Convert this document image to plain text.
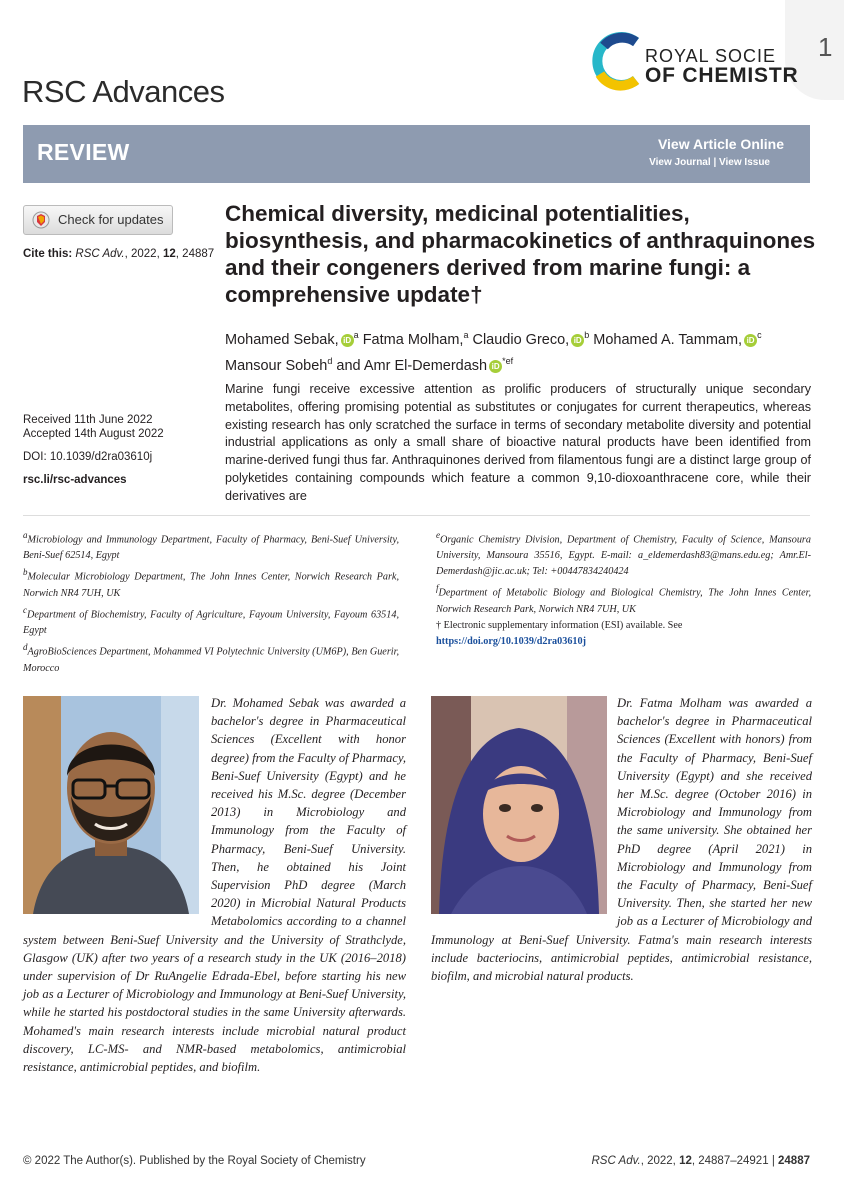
1
RSC Advances
ROYAL SOCIE
OF CHEMISTR
REVIEW	View Article Online
View Journal | View Issue
Check for updates
Cite this: RSC Adv., 2022, 12, 24887
Chemical diversity, medicinal potentialities, biosynthesis, and pharmacokinetics of anthraquinones and their congeners derived from marine fungi: a comprehensive update†
Mohamed Sebak, $iD^a$ Fatma Molham,$^a$ Claudio Greco, $iD^b$ Mohamed A. Tammam, $iD^c$
Mansour Sobeh$^d$ and Amr El-Demerdash $iD^{*ef}$
Received 11th June 2022
Accepted 14th August 2022
DOI: 10.1039/d2ra03610j
rsc.li/rsc-advances
Marine fungi receive excessive attention as prolific producers of structurally unique secondary metabolites, offering promising potential as substitutes or conjugates for current therapeutics, whereas existing research has only scratched the surface in terms of secondary metabolite diversity and potential industrial applications as only a small share of bioactive natural products have been identified from marine-derived fungi thus far. Anthraquinones derived from filamentous fungi are a distinct large group of polyketides containing compounds which feature a common 9,10-dioxoanthracene core, while their derivatives are
$^a$Microbiology and Immunology Department, Faculty of Pharmacy, Beni-Suef University, Beni-Suef 62514, Egypt
$^b$Molecular Microbiology Department, The John Innes Center, Norwich Research Park, Norwich NR4 7UH, UK
$^c$Department of Biochemistry, Faculty of Agriculture, Fayoum University, Fayoum 63514, Egypt
$^d$AgroBioSciences Department, Mohammed VI Polytechnic University (UM6P), Ben Guerir, Morocco
$^e$Organic Chemistry Division, Department of Chemistry, Faculty of Science, Mansoura University, Mansoura 35516, Egypt. E-mail: a_eldemerdash83@mans.edu.eg; Amr.El-Demerdash@jic.ac.uk; Tel: +00447834240424
$^f$Department of Metabolic Biology and Biological Chemistry, The John Innes Center, Norwich Research Park, Norwich NR4 7UH, UK
† Electronic supplementary information (ESI) available. See
https://doi.org/10.1039/d2ra03610j
Dr. Mohamed Sebak was awarded a bachelor's degree in Pharmaceutical Sciences (Excellent with honor degree) from the Faculty of Pharmacy, Beni-Suef University (Egypt) and he received his M.Sc. degree (December 2013) in Microbiology and Immunology from the Faculty of Pharmacy, Beni-Suef University. Then, he obtained his Joint Supervision PhD degree (March 2020) in Microbial Natural Products Metabolomics according to a channel system between Beni-Suef University and the University of Strathclyde, Glasgow (UK) after two years of a research study in the UK (2016–2018) under supervision of Dr RuAngelie Edrada-Ebel, before starting his new job as a Lecturer of Microbiology and Immunology at Beni-Suef University, while he started his postdoctoral studies in the same University afterwards. Mohamed's main research interests include microbial natural product discovery, LC-MS- and NMR-based metabolomics, antimicrobial resistance, antimicrobial peptides, and biofilm.
Dr. Fatma Molham was awarded a bachelor's degree in Pharmaceutical Sciences (Excellent with honors) from the Faculty of Pharmacy, Beni-Suef University (Egypt) and she received her M.Sc. degree (October 2016) in Microbiology and Immunology from the same university. She obtained her PhD degree (April 2021) in Microbiology and Immunology from the Faculty of Pharmacy, Beni-Suef University. Then, she started her new job as a Lecturer of Microbiology and Immunology at Beni-Suef University. Fatma's main research interests include bacteriocins, antimicrobial peptides, antimicrobial resistance, biofilm, and microbial natural products.
© 2022 The Author(s). Published by the Royal Society of Chemistry	RSC Adv., 2022, 12, 24887–24921 | 24887
